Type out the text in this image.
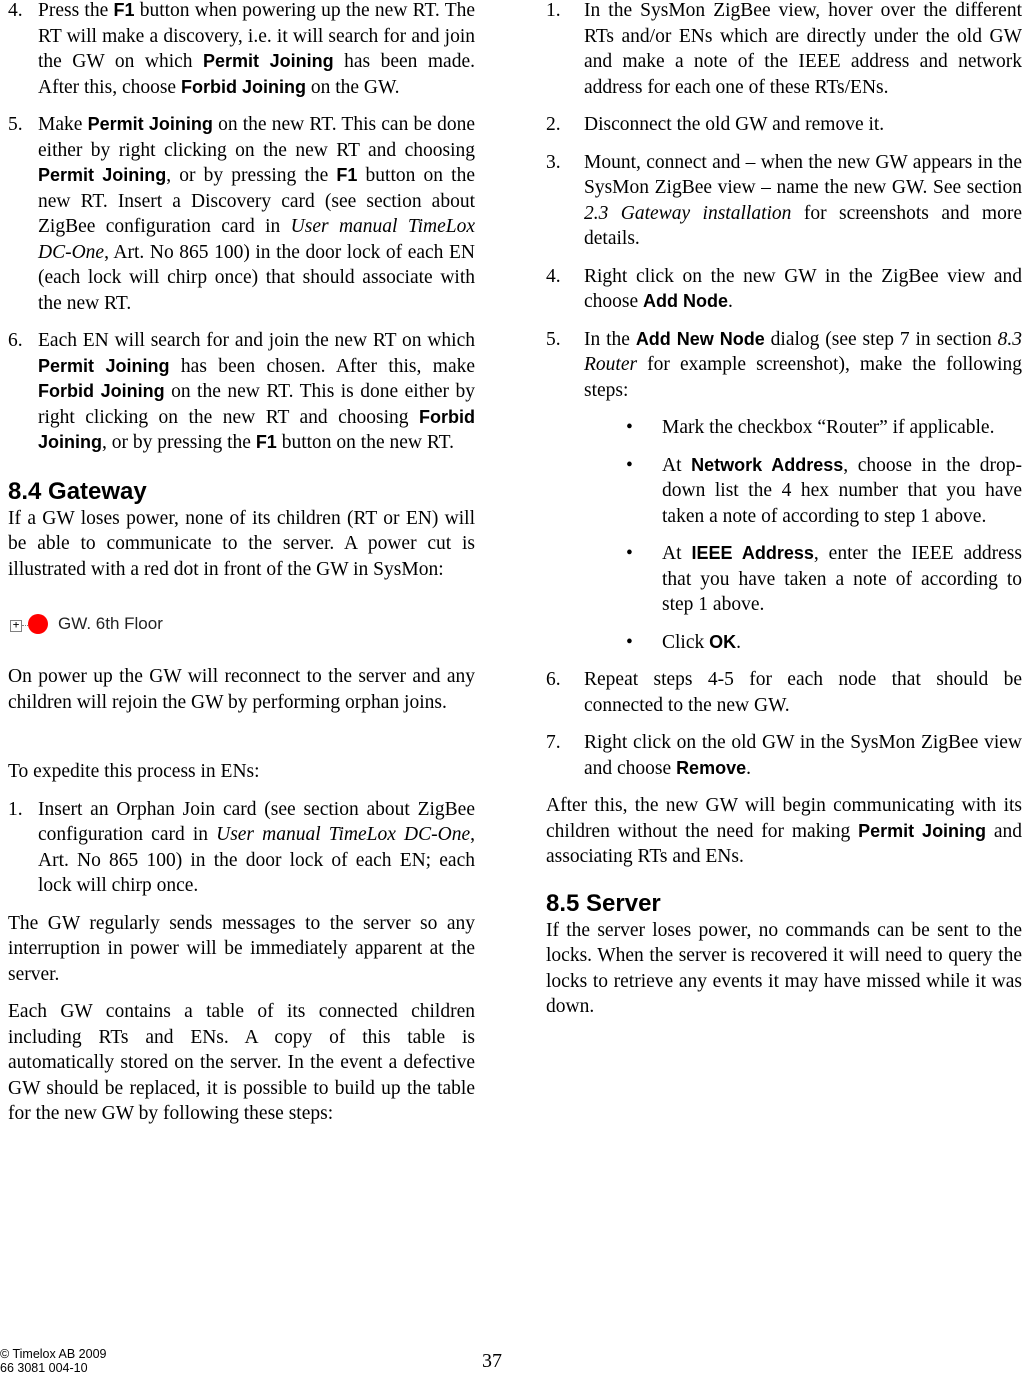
4. Press the F1 button when powering up the new RT. The RT will make a discovery, i.e. it will search for and join the GW on which Permit Joining has been made. After this, choose Forbid Joining on the GW.
5. Make Permit Joining on the new RT. This can be done either by right clicking on the new RT and choosing Permit Joining, or by pressing the F1 button on the new RT. Insert a Discovery card (see section about ZigBee configuration card in User manual TimeLox DC-One, Art. No 865 100) in the door lock of each EN (each lock will chirp once) that should associate with the new RT.
6. Each EN will search for and join the new RT on which Permit Joining has been chosen. After this, make Forbid Joining on the new RT. This is done either by right clicking on the new RT and choosing Forbid Joining, or by pressing the F1 button on the new RT.
8.4 Gateway

If a GW loses power, none of its children (RT or EN) will be able to communicate to the server. A power cut is illustrated with a red dot in front of the GW in SysMon:

+ GW. 6th Floor

On power up the GW will reconnect to the server and any children will rejoin the GW by performing orphan joins.

To expedite this process in ENs:

1. Insert an Orphan Join card (see section about ZigBee configuration card in User manual TimeLox DC-One, Art. No 865 100) in the door lock of each EN; each lock will chirp once.

The GW regularly sends messages to the server so any interruption in power will be immediately apparent at the server.

Each GW contains a table of its connected children including RTs and ENs. A copy of this table is automatically stored on the server. In the event a defective GW should be replaced, it is possible to build up the table for the new GW by following these steps:

1. In the SysMon ZigBee view, hover over the different RTs and/or ENs which are directly under the old GW and make a note of the IEEE address and network address for each one of these RTs/ENs.
2. Disconnect the old GW and remove it.
3. Mount, connect and – when the new GW appears in the SysMon ZigBee view – name the new GW. See section 2.3 Gateway installation for screenshots and more details.
4. Right click on the new GW in the ZigBee view and choose Add Node.
5. In the Add New Node dialog (see step 7 in section 8.3 Router for example screenshot), make the following steps:
• Mark the checkbox “Router” if applicable.
• At Network Address, choose in the drop-down list the 4 hex number that you have taken a note of according to step 1 above.
• At IEEE Address, enter the IEEE address that you have taken a note of according to step 1 above.
• Click OK.
6. Repeat steps 4-5 for each node that should be connected to the new GW.
7. Right click on the old GW in the SysMon ZigBee view and choose Remove.

After this, the new GW will begin communicating with its children without the need for making Permit Joining and associating RTs and ENs.

8.5 Server

If the server loses power, no commands can be sent to the locks. When the server is recovered it will need to query the locks to retrieve any events it may have missed while it was down.

© Timelox AB 2009
66 3081 004-10	37
